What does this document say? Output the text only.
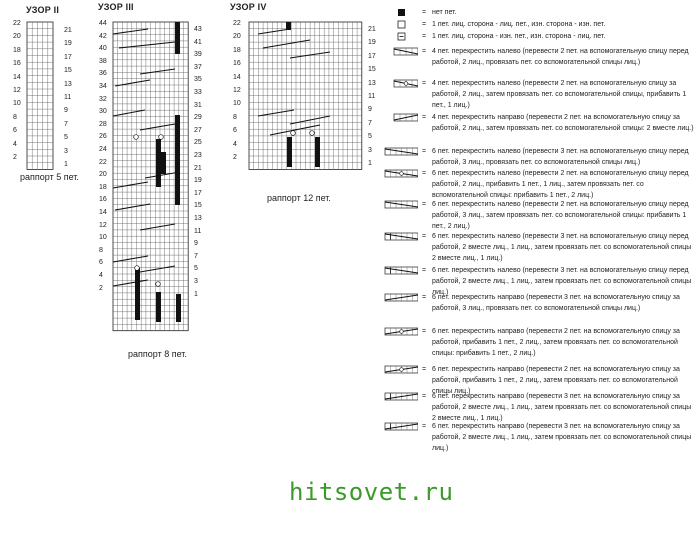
УЗОР II	УЗОР III	УЗОР IV
раппорт 5 пет.
раппорт 8 пет.
раппорт 12 пет.
22
20
18
16
14
12
10
8
6
4
2
21
19
17
15
13
11
9
7
5
3
1
44
42
40
38
36
34
32
30
28
26
24
22
20
18
16
14
12
10
8
6
4
2
43
41
39
37
35
33
31
29
27
25
23
21
19
17
15
13
11
9
7
5
3
1
22
20
18
16
14
12
10
8
6
4
2
21
19
17
15
13
11
9
7
5
3
1
= нет пет.
= 1 пет. лиц. сторона - лиц. пет., изн. сторона - изн. пет.
= 1 пет. лиц. сторона - изн. пет., изн. сторона - лиц. пет.
= 4 пет. перекрестить налево (перевести 2 пет. на вспомогательную спицу перед работой, 2 лиц., провязать пет. со вспомогательной спицы лиц.)
= 4 пет. перекрестить налево (перевести 2 пет. на вспомогательную спицу за работой, 2 лиц., затем провязать пет. со вспомогательной спицы, прибавить 1 пет., 1 лиц.)
= 4 пет. перекрестить направо (перевести 2 пет. на вспомогательную спицу за работой, 2 лиц., затем провязать пет. со вспомогательной спицы: 2 вместе лиц.)
= 6 пет. перекрестить налево (перевести 3 пет. на вспомогательную спицу перед работой, 3 лиц., провязать пет. со вспомогательной спицы лиц.)
= 6 пет. перекрестить налево (перевести 2 пет. на вспомогательную спицу перед работой, 2 лиц., прибавить 1 пет., 1 лиц., затем провязать пет. со вспомогательной спицы: прибавить 1 пет., 2 лиц.)
= 6 пет. перекрестить налево (перевести 2 пет. на вспомогательную спицу перед работой, 3 лиц., затем провязать пет. со вспомогательной спицы: прибавить 1 пет., 2 лиц.)
= 6 пет. перекрестить налево (перевести 3 пет. на вспомогательную спицу перед работой, 2 вместе лиц., 1 лиц., затем провязать пет. со вспомогательной спицы 2 вместе лиц., 1 лиц.)
= 6 пет. перекрестить налево (перевести 3 пет. на вспомогательную спицу перед работой, 2 вместе лиц., 1 лиц., затем провязать пет. со вспомогательной спицы лиц.)
= 6 пет. перекрестить направо (перевести 3 пет. на вспомогательную спицу за работой, 3 лиц., провязать пет. со вспомогательной спицы лиц.)
= 6 пет. перекрестить направо (перевести 2 пет. на вспомогательную спицу за работой, прибавить 1 пет., 2 лиц., затем провязать пет. со вспомогательной спицы: прибавить 1 пет., 2 лиц.)
= 6 пет. перекрестить направо (перевести 2 пет. на вспомогательную спицу за работой, прибавить 1 пет., 2 лиц., затем провязать пет. со вспомогательной спицы лиц.)
= 6 пет. перекрестить направо (перевести 3 пет. на вспомогательную спицу за работой, 2 вместе лиц., 1 лиц., затем провязать пет. со вспомогательной спицы 2 вместе лиц., 1 лиц.)
= 6 пет. перекрестить направо (перевести 3 пет. на вспомогательную спицу за работой, 2 вместе лиц., 1 лиц., затем провязать пет. со вспомогательной спицы лиц.)
hitsovet.ru
